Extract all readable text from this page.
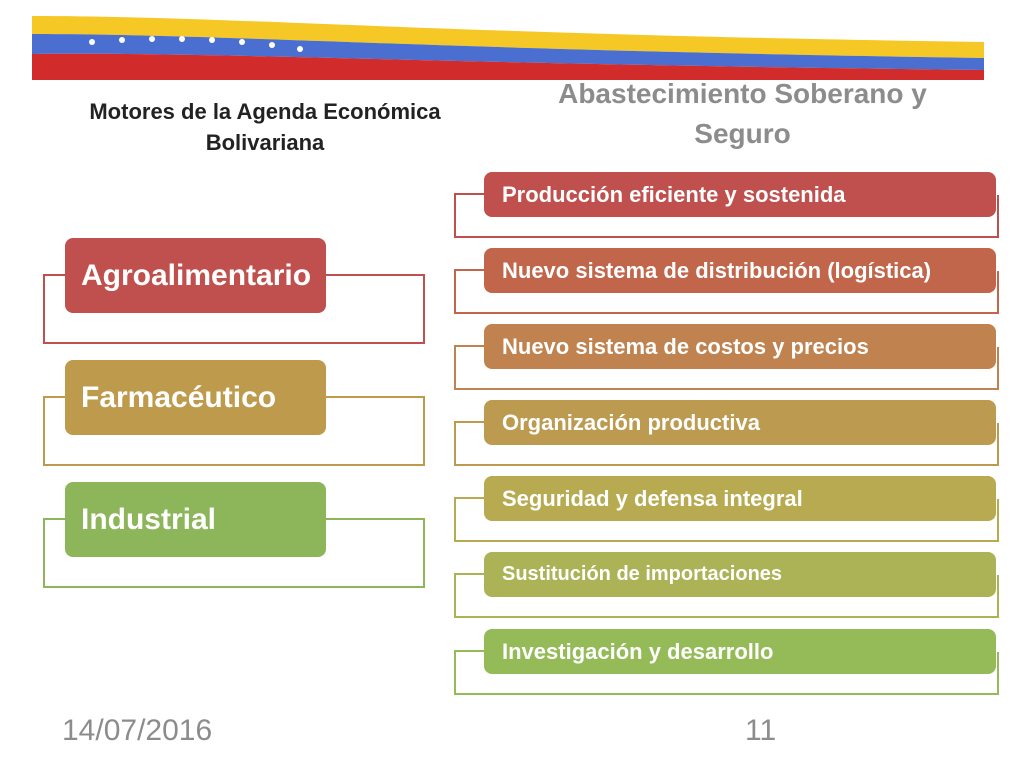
Motores de la Agenda Económica Bolivariana
Abastecimiento Soberano y Seguro
Agroalimentario
Farmacéutico
Industrial
Producción eficiente y sostenida
Nuevo sistema de distribución (logística)
Nuevo sistema de costos y precios
Organización productiva
Seguridad y defensa integral
Sustitución de importaciones
Investigación y desarrollo
14/07/2016	11
